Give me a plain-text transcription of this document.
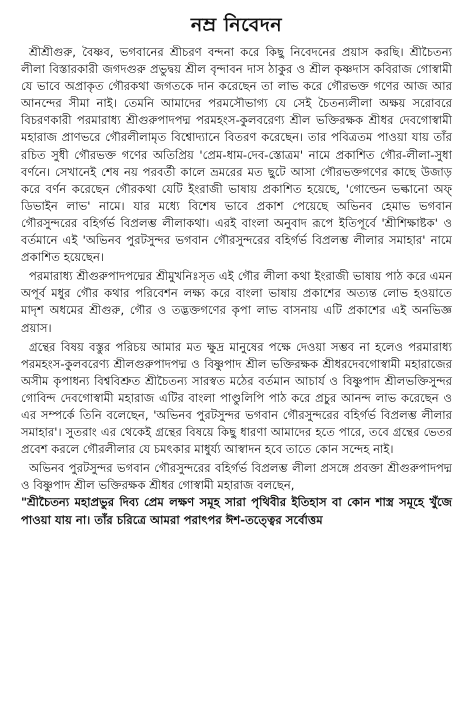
নম্র নিবেদন

শ্রীশ্রীগুরু, বৈষ্ণব, ভগবানের শ্রীচরণ বন্দনা করে কিছু নিবেদনের প্রয়াস করছি। শ্রীচৈতন্য লীলা বিস্তারকারী জগদগুরু প্রভুদ্বয় শ্রীল বৃন্দাবন দাস ঠাকুর ও শ্রীল কৃষ্ণদাস কবিরাজ গোস্বামী যে ভাবে অপ্রাকৃত গৌরকথা জগতকে দান করেছেন তা লাভ করে গৌরভক্ত গণের আজ আর আনন্দের সীমা নাই। তেমনি আমাদের পরমসৌভাগ্য যে সেই চৈতন্যলীলা অক্ষয় সরোবরে বিচরণকারী পরমারাধ্য শ্রীগুরুপাদপদ্ম পরমহংস-কুলবরেণ্য শ্রীল ভক্তিরক্ষক শ্রীধর দেবগোস্বামী মহারাজ প্রাণভরে গৌরলীলামৃত বিশ্বোদ্যানে বিতরণ করেছেন। তার পবিত্রতম পাওয়া যায় তাঁর রচিত সুধী গৌরভক্ত গণের অতিপ্রিয় 'প্রেম-ধাম-দেব-স্তোত্রম' নামে প্রকাশিত গৌর-লীলা-সুধা বর্ণনে। সেখানেই শেষ নয় পরবর্তী কালে ভ্রমরের মত ছুটে আসা গৌরভক্তগণের কাছে উজাড় করে বর্ণন করেছেন গৌরকথা যেটি ইংরাজী ভাষায় প্রকাশিত হয়েছে, 'গোল্ডেন ভল্কানো অফ্ ডিভাইন লাভ' নামে। যার মধ্যে বিশেষ ভাবে প্রকাশ পেয়েছে অভিনব হেমাভ ভগবান গৌরসুন্দরের বহির্গর্ভ বিপ্রলম্ভ লীলাকথা। এরই বাংলা অনুবাদ রূপে ইতিপূর্বে 'শ্রীশিক্ষাষ্টক' ও বর্তমানে এই 'অভিনব পুরটসুন্দর ভগবান গৌরসুন্দরের বহির্গর্ভ বিপ্রলম্ভ লীলার সমাহার' নামে প্রকাশিত হয়েছেন।

পরমারাধ্য শ্রীগুরুপাদপদ্মের শ্রীমুখনিঃসৃত এই গৌর লীলা কথা ইংরাজী ভাষায় পাঠ করে এমন অপূর্ব মধুর গৌর কথার পরিবেশন লক্ষ্য করে বাংলা ভাষায় প্রকাশের অত্যন্ত লোভ হওয়াতে মাদৃশ অধমের শ্রীগুরু, গৌর ও তদ্ভক্তগণের কৃপা লাভ বাসনায় এটি প্রকাশের এই অনভিজ্ঞ প্রয়াস।

গ্রন্থের বিষয় বস্তুর পরিচয় আমার মত ক্ষুদ্র মানুষের পক্ষে দেওয়া সম্ভব না হলেও পরমারাধ্য পরমহংস-কুলবরেণ্য শ্রীলগুরুপাদপদ্ম ও বিষ্ণুপাদ শ্রীল ভক্তিরক্ষক শ্রীধরদেবগোস্বামী মহারাজের অসীম কৃপাধন্য বিশ্ববিশ্রুত শ্রীচৈতন্য সারস্বত মঠের বর্তমান আচার্য ও বিষ্ণুপাদ শ্রীলভক্তিসুন্দর গোবিন্দ দেবগোস্বামী মহারাজ এটির বাংলা পাণ্ডুলিপি পাঠ করে প্রচুর আনন্দ লাভ করেছেন ও এর সম্পর্কে তিনি বলেছেন, 'অভিনব পুরটসুন্দর ভগবান গৌরসুন্দরের বহির্গর্ভ বিপ্রলম্ভ লীলার সমাহার'। সুতরাং এর থেকেই গ্রন্থের বিষয়ে কিছু ধারণা আমাদের হতে পারে, তবে গ্রন্থের ভেতর প্রবেশ করলে গৌরলীলার যে চমৎকার মাধুর্য্য আস্বাদন হবে তাতে কোন সন্দেহ নাই।

অভিনব পুরটসুন্দর ভগবান গৌরসুন্দরের বহির্গর্ভ বিপ্রলম্ভ লীলা প্রসঙ্গে প্রবক্তা শ্রীগুরুপাদপদ্ম ও বিষ্ণুপাদ শ্রীল ভক্তিরক্ষক শ্রীধর গোস্বামী মহারাজ বলছেন,
"শ্রীচৈতন্য মহাপ্রভুর দিব্য প্রেম লক্ষণ সমূহ সারা পৃথিবীর ইতিহাস বা কোন শাস্ত্র সমূহে খুঁজে পাওয়া যায় না। তাঁর চরিত্রে আমরা পরাৎপর ঈশ-তত্ত্বের সর্বোত্তম
